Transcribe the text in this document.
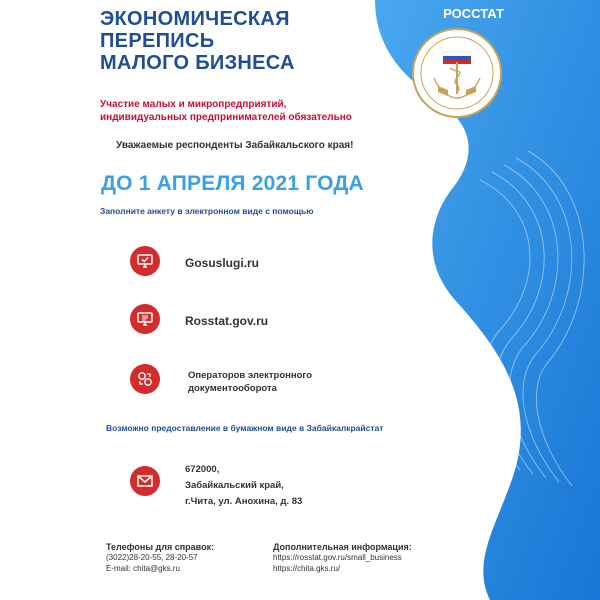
РОССТАТ
ЭКОНОМИЧЕСКАЯ
ПЕРЕПИСЬ
МАЛОГО БИЗНЕСА
Участие малых и микропредприятий,
индивидуальных предпринимателей обязательно
Уважаемые респонденты Забайкальского края!
ДО 1 АПРЕЛЯ 2021 ГОДА
Заполните анкету в электронном виде с помощью
Gosuslugi.ru
Rosstat.gov.ru
Операторов электронного
документооборота
Возможно предоставление в бумажном виде в Забайкалкрайстат
672000,
Забайкальский край,
г.Чита, ул. Анохина, д. 83
Телефоны для справок:
(3022)28-20-55, 28-20-57
E-mail: chita@gks.ru
Дополнительная информация:
https://rosstat.gov.ru/small_business
https://chita.gks.ru/
